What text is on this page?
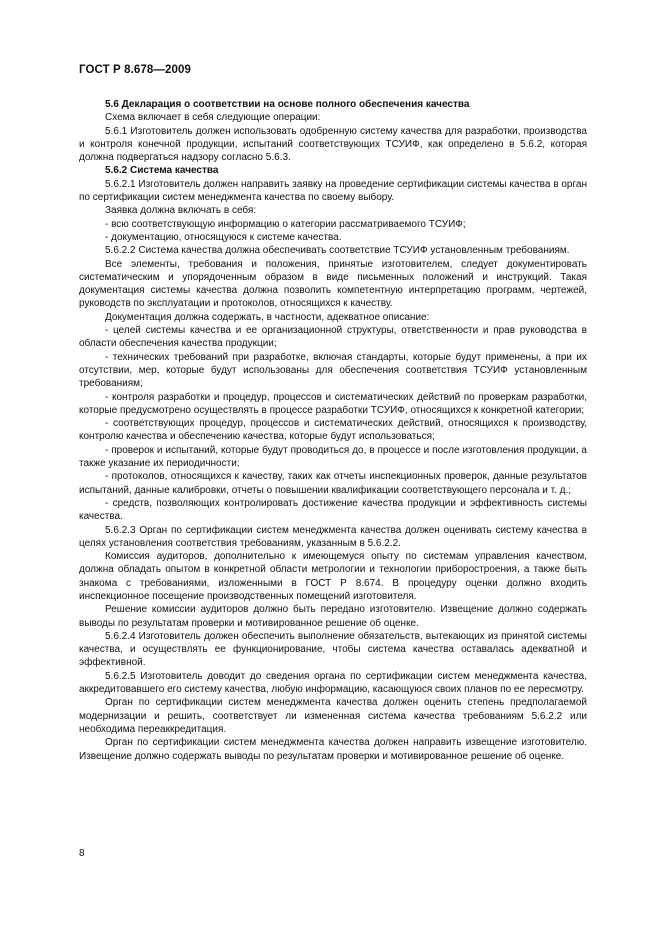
ГОСТ Р 8.678—2009

5.6 Декларация о соответствии на основе полного обеспечения качества

Схема включает в себя следующие операции:

5.6.1 Изготовитель должен использовать одобренную систему качества для разработки, производства и контроля конечной продукции, испытаний соответствующих ТСУИФ, как определено в 5.6.2, которая должна подвергаться надзору согласно 5.6.3.

5.6.2 Система качества

5.6.2.1 Изготовитель должен направить заявку на проведение сертификации системы качества в орган по сертификации систем менеджмента качества по своему выбору.

Заявка должна включать в себя:

- всю соответствующую информацию о категории рассматриваемого ТСУИФ;

- документацию, относящуюся к системе качества.

5.6.2.2 Система качества должна обеспечивать соответствие ТСУИФ установленным требованиям.

Все элементы, требования и положения, принятые изготовителем, следует документировать систематическим и упорядоченным образом в виде письменных положений и инструкций. Такая документация системы качества должна позволить компетентную интерпретацию программ, чертежей, руководств по эксплуатации и протоколов, относящихся к качеству.

Документация должна содержать, в частности, адекватное описание:

- целей системы качества и ее организационной структуры, ответственности и прав руководства в области обеспечения качества продукции;

- технических требований при разработке, включая стандарты, которые будут применены, а при их отсутствии, мер, которые будут использованы для обеспечения соответствия ТСУИФ установленным требованиям;

- контроля разработки и процедур, процессов и систематических действий по проверкам разработки, которые предусмотрено осуществлять в процессе разработки ТСУИФ, относящихся к конкретной категории;

- соответствующих процедур, процессов и систематических действий, относящихся к производству, контролю качества и обеспечению качества, которые будут использоваться;

- проверок и испытаний, которые будут проводиться до, в процессе и после изготовления продукции, а также указание их периодичности;

- протоколов, относящихся к качеству, таких как отчеты инспекционных проверок, данные результатов испытаний, данные калибровки, отчеты о повышении квалификации соответствующего персонала и т. д.;

- средств, позволяющих контролировать достижение качества продукции и эффективность системы качества.

5.6.2.3 Орган по сертификации систем менеджмента качества должен оценивать систему качества в целях установления соответствия требованиям, указанным в 5.6.2.2.

Комиссия аудиторов, дополнительно к имеющемуся опыту по системам управления качеством, должна обладать опытом в конкретной области метрологии и технологии приборостроения, а также быть знакома с требованиями, изложенными в ГОСТ Р 8.674. В процедуру оценки должно входить инспекционное посещение производственных помещений изготовителя.

Решение комиссии аудиторов должно быть передано изготовителю. Извещение должно содержать выводы по результатам проверки и мотивированное решение об оценке.

5.6.2.4 Изготовитель должен обеспечить выполнение обязательств, вытекающих из принятой системы качества, и осуществлять ее функционирование, чтобы система качества оставалась адекватной и эффективной.

5.6.2.5 Изготовитель доводит до сведения органа по сертификации систем менеджмента качества, аккредитовавшего его систему качества, любую информацию, касающуюся своих планов по ее пересмотру.

Орган по сертификации систем менеджмента качества должен оценить степень предполагаемой модернизации и решить, соответствует ли измененная система качества требованиям 5.6.2.2 или необходима переаккредитация.

Орган по сертификации систем менеджмента качества должен направить извещение изготовителю. Извещение должно содержать выводы по результатам проверки и мотивированное решение об оценке.

8
